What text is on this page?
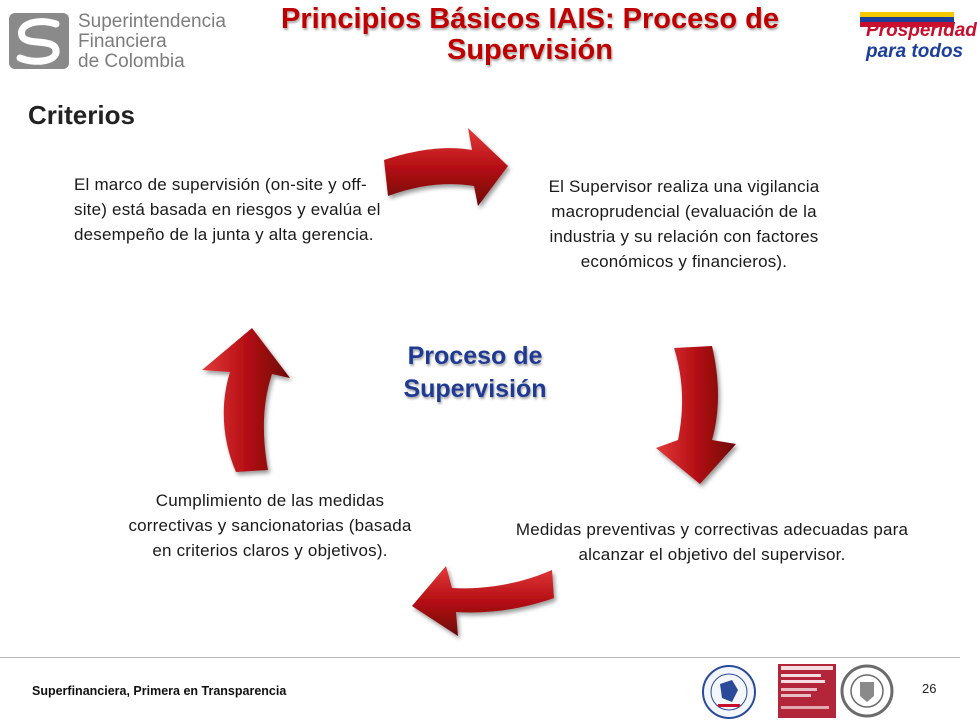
Superintendencia
Financiera
de Colombia
Principios Básicos IAIS: Proceso de
Supervisión
Prosperidad
para todos
Criterios
El marco de supervisión (on-site y off-site) está basada en riesgos y evalúa el desempeño de la junta y alta gerencia.
El Supervisor realiza una vigilancia macroprudencial (evaluación de la industria y su relación con factores económicos y financieros).
Medidas preventivas y correctivas adecuadas para alcanzar el objetivo del supervisor.
Cumplimiento de las medidas correctivas y sancionatorias (basada en criterios claros y objetivos).
Proceso de
Supervisión
Superfinanciera, Primera en Transparencia	26
